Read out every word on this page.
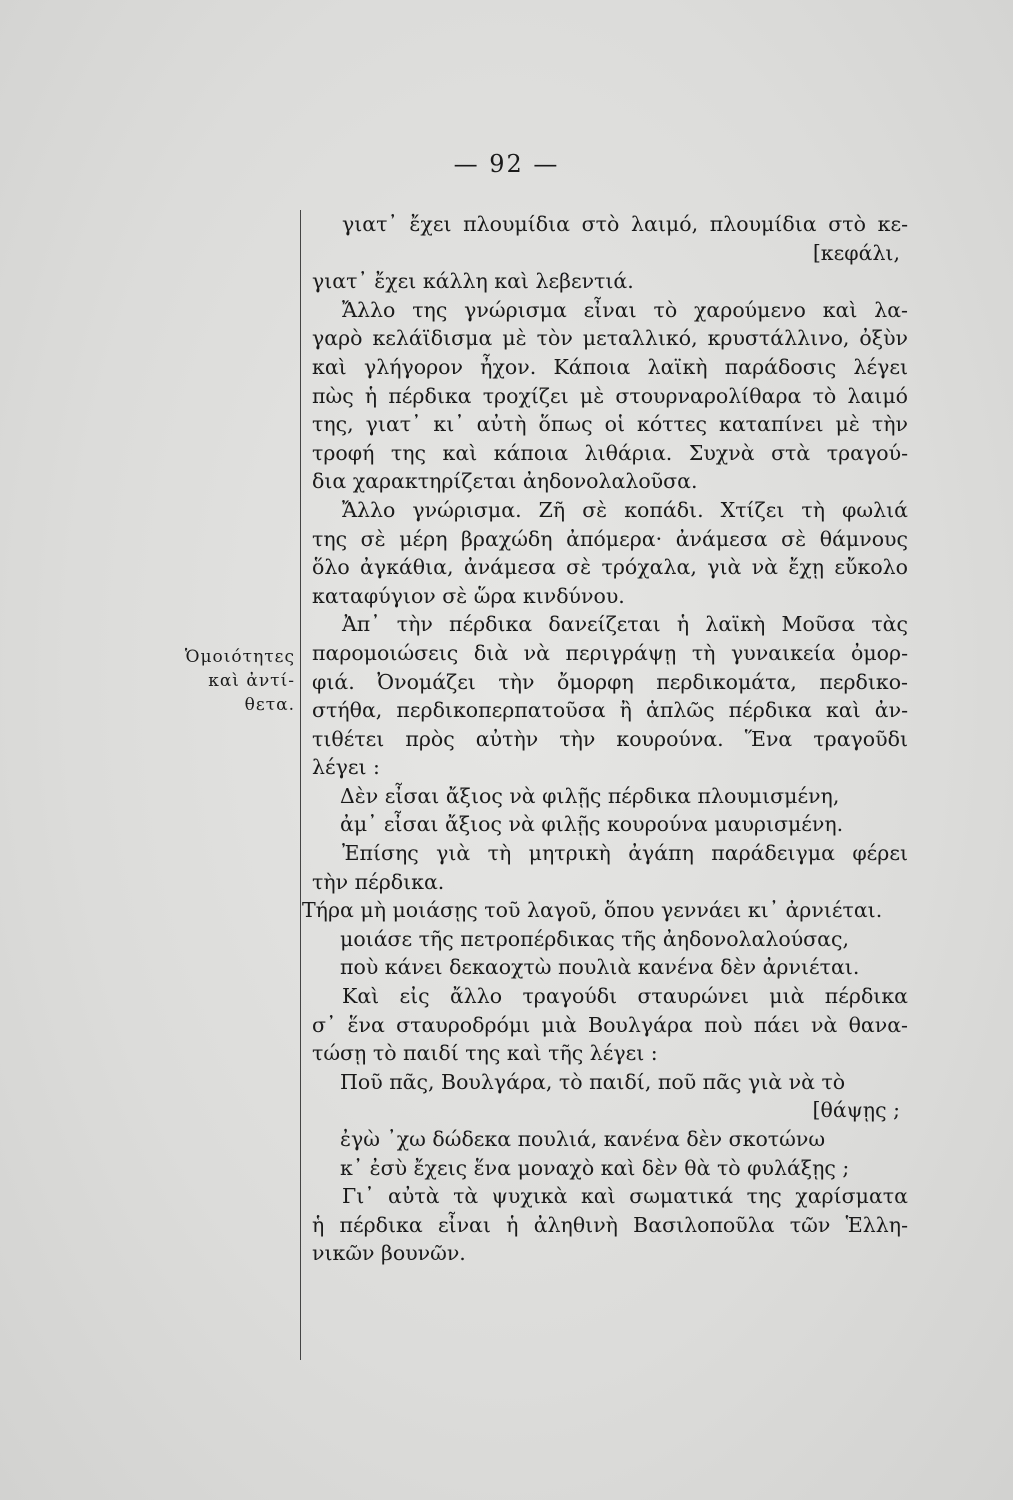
— 92 —
Ὁμοιότητες
καὶ ἀντί-
θετα.
γιατ᾽ ἔχει πλουμίδια στὸ λαιμό, πλουμίδια στὸ κε-
[κεφάλι,
γιατ᾽ ἔχει κάλλη καὶ λεβεντιά.
Ἄλλο της γνώρισμα εἶναι τὸ χαρούμενο καὶ λα-
γαρὸ κελάϊδισμα μὲ τὸν μεταλλικό, κρυστάλλινο, ὀξὺν
καὶ γλήγορον ἦχον. Κάποια λαϊκὴ παράδοσις λέγει
πὼς ἡ πέρδικα τροχίζει μὲ στουρναρολίθαρα τὸ λαιμό
της, γιατ᾽ κι᾽ αὐτὴ ὅπως οἱ κόττες καταπίνει μὲ τὴν
τροφή της καὶ κάποια λιθάρια. Συχνὰ στὰ τραγού-
δια χαρακτηρίζεται ἀηδονολαλοῦσα.
Ἄλλο γνώρισμα. Ζῆ σὲ κοπάδι. Χτίζει τὴ φωλιά
της σὲ μέρη βραχώδη ἀπόμερα· ἀνάμεσα σὲ θάμνους
ὅλο ἀγκάθια, ἀνάμεσα σὲ τρόχαλα, γιὰ νὰ ἔχῃ εὔκολο
καταφύγιον σὲ ὥρα κινδύνου.
Ἀπ᾽ τὴν πέρδικα δανείζεται ἡ λαϊκὴ Μοῦσα τὰς
παρομοιώσεις διὰ νὰ περιγράψῃ τὴ γυναικεία ὀμορ-
φιά. Ὀνομάζει τὴν ὄμορφη περδικομάτα, περδικο-
στήθα, περδικοπερπατοῦσα ἢ ἁπλῶς πέρδικα καὶ ἀν-
τιθέτει πρὸς αὐτὴν τὴν κουρούνα. Ἕνα τραγοῦδι
λέγει :
Δὲν εἶσαι ἄξιος νὰ φιλῇς πέρδικα πλουμισμένη,
ἀμ᾽ εἶσαι ἄξιος νὰ φιλῇς κουρούνα μαυρισμένη.
Ἐπίσης γιὰ τὴ μητρικὴ ἀγάπη παράδειγμα φέρει
τὴν πέρδικα.
Τήρα μὴ μοιάσῃς τοῦ λαγοῦ, ὅπου γεννάει κι᾽ ἀρνιέται.
μοιάσε τῆς πετροπέρδικας τῆς ἀηδονολαλούσας,
ποὺ κάνει δεκαοχτὼ πουλιὰ κανένα δὲν ἀρνιέται.
Καὶ εἰς ἄλλο τραγούδι σταυρώνει μιὰ πέρδικα
σ᾽ ἕνα σταυροδρόμι μιὰ Βουλγάρα ποὺ πάει νὰ θανα-
τώσῃ τὸ παιδί της καὶ τῆς λέγει :
Ποῦ πᾶς, Βουλγάρα, τὸ παιδί, ποῦ πᾶς γιὰ νὰ τὸ
[θάψῃς ;
ἐγὼ ᾽χω δώδεκα πουλιά, κανένα δὲν σκοτώνω
κ᾽ ἐσὺ ἔχεις ἕνα μοναχὸ καὶ δὲν θὰ τὸ φυλάξῃς ;
Γι᾽ αὐτὰ τὰ ψυχικὰ καὶ σωματικά της χαρίσματα
ἡ πέρδικα εἶναι ἡ ἀληθινὴ Βασιλοποῦλα τῶν Ἑλλη-
νικῶν βουνῶν.
